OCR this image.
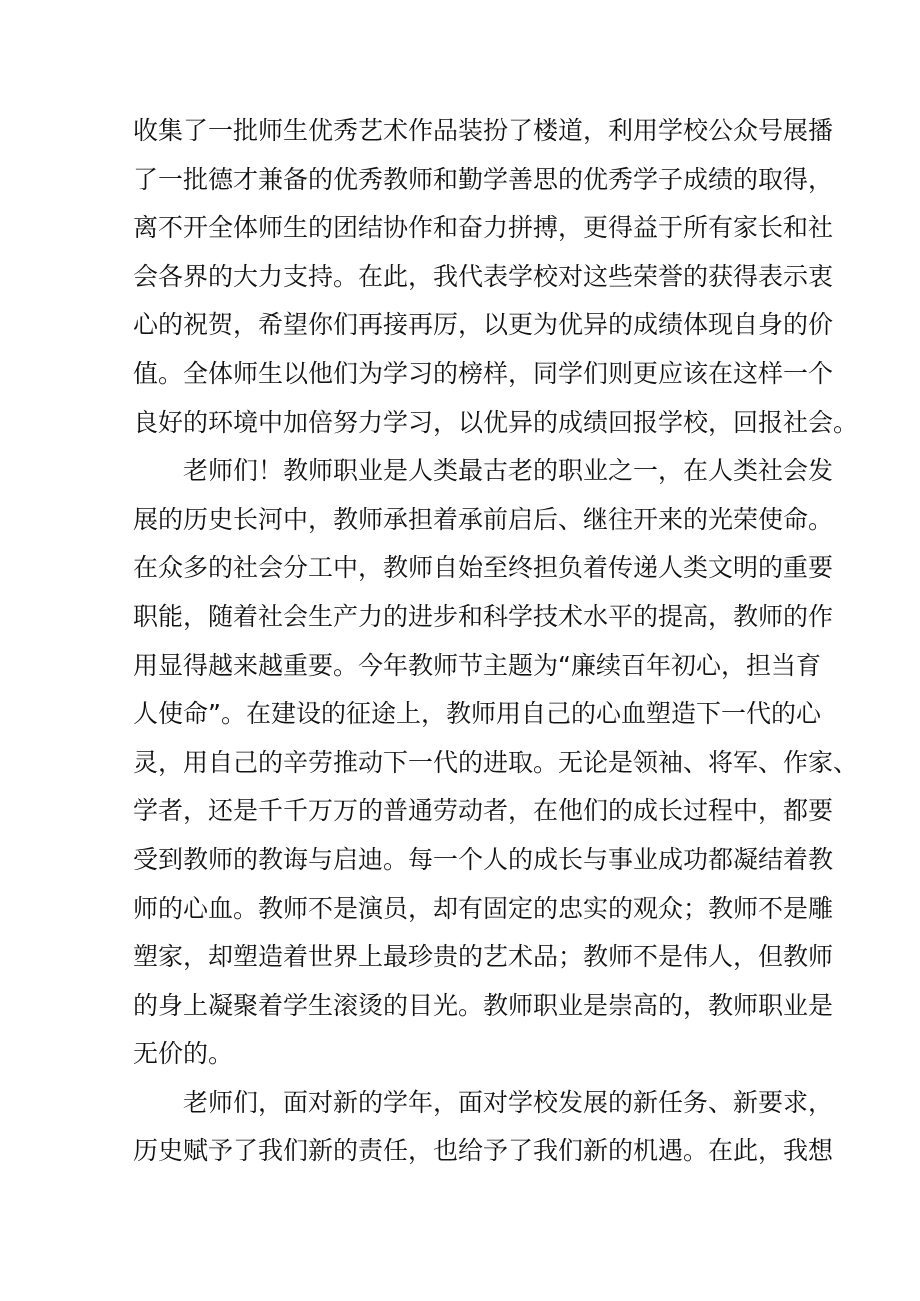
收集了一批师生优秀艺术作品装扮了楼道，利用学校公众号展播
了一批德才兼备的优秀教师和勤学善思的优秀学子成绩的取得，
离不开全体师生的团结协作和奋力拼搏，更得益于所有家长和社
会各界的大力支持。在此，我代表学校对这些荣誉的获得表示衷
心的祝贺，希望你们再接再厉，以更为优异的成绩体现自身的价
值。全体师生以他们为学习的榜样，同学们则更应该在这样一个
良好的环境中加倍努力学习，以优异的成绩回报学校，回报社会。
老师们！教师职业是人类最古老的职业之一，在人类社会发
展的历史长河中，教师承担着承前启后、继往开来的光荣使命。
在众多的社会分工中，教师自始至终担负着传递人类文明的重要
职能，随着社会生产力的进步和科学技术水平的提高，教师的作
用显得越来越重要。今年教师节主题为“廉续百年初心，担当育
人使命”。在建设的征途上，教师用自己的心血塑造下一代的心
灵，用自己的辛劳推动下一代的进取。无论是领袖、将军、作家、
学者，还是千千万万的普通劳动者，在他们的成长过程中，都要
受到教师的教诲与启迪。每一个人的成长与事业成功都凝结着教
师的心血。教师不是演员，却有固定的忠实的观众；教师不是雕
塑家，却塑造着世界上最珍贵的艺术品；教师不是伟人，但教师
的身上凝聚着学生滚烫的目光。教师职业是崇高的，教师职业是
无价的。
老师们，面对新的学年，面对学校发展的新任务、新要求，
历史赋予了我们新的责任，也给予了我们新的机遇。在此，我想
